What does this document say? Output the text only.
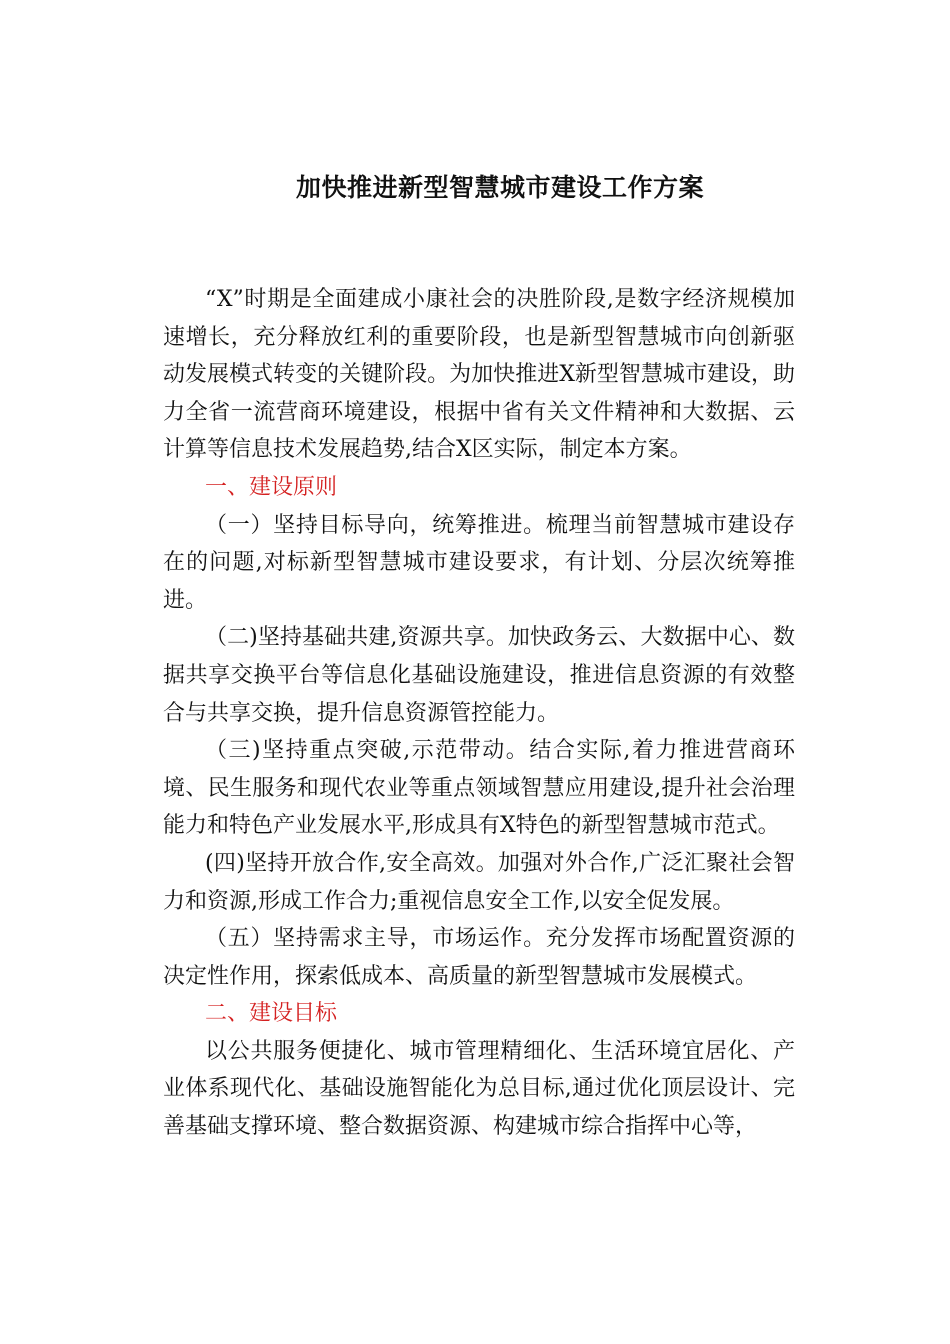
加快推进新型智慧城市建设工作方案

“X”时期是全面建成小康社会的决胜阶段,是数字经济规模加速增长，充分释放红利的重要阶段，也是新型智慧城市向创新驱动发展模式转变的关键阶段。为加快推进X新型智慧城市建设，助力全省一流营商环境建设，根据中省有关文件精神和大数据、云计算等信息技术发展趋势,结合X区实际，制定本方案。

一、建设原则

（一）坚持目标导向，统筹推进。梳理当前智慧城市建设存在的问题,对标新型智慧城市建设要求，有计划、分层次统筹推进。

（二)坚持基础共建,资源共享。加快政务云、大数据中心、数据共享交换平台等信息化基础设施建设，推进信息资源的有效整合与共享交换，提升信息资源管控能力。

（三)坚持重点突破,示范带动。结合实际,着力推进营商环境、民生服务和现代农业等重点领域智慧应用建设,提升社会治理能力和特色产业发展水平,形成具有X特色的新型智慧城市范式。

(四)坚持开放合作,安全高效。加强对外合作,广泛汇聚社会智力和资源,形成工作合力;重视信息安全工作,以安全促发展。

（五）坚持需求主导，市场运作。充分发挥市场配置资源的决定性作用，探索低成本、高质量的新型智慧城市发展模式。

二、建设目标

以公共服务便捷化、城市管理精细化、生活环境宜居化、产业体系现代化、基础设施智能化为总目标,通过优化顶层设计、完善基础支撑环境、整合数据资源、构建城市综合指挥中心等，
